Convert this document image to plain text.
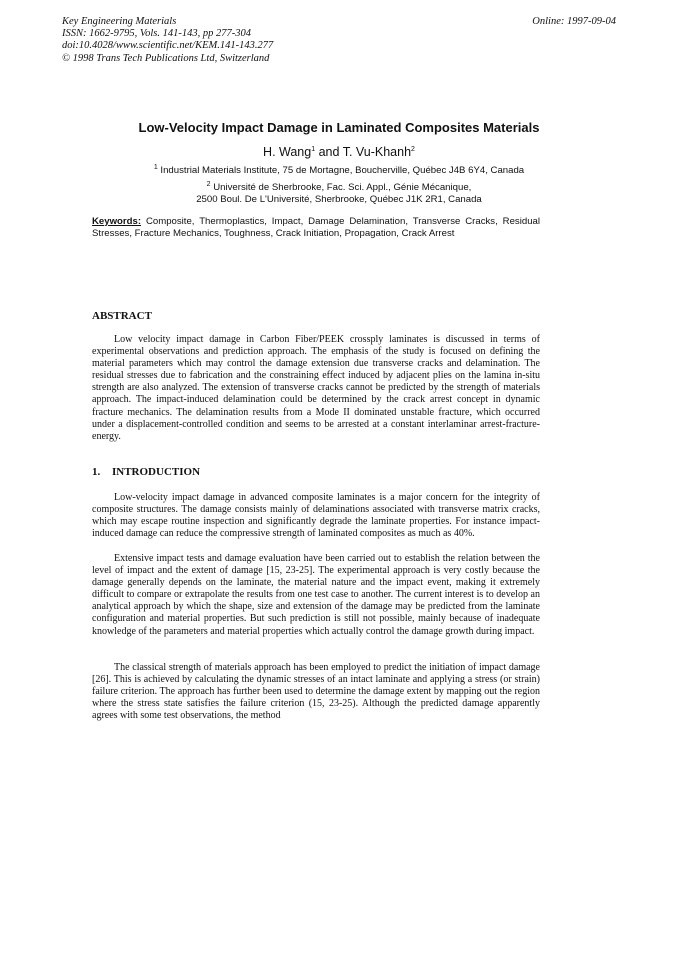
Key Engineering Materials
ISSN: 1662-9795, Vols. 141-143, pp 277-304
doi:10.4028/www.scientific.net/KEM.141-143.277
© 1998 Trans Tech Publications Ltd, Switzerland
Online: 1997-09-04
Low-Velocity Impact Damage in Laminated Composites Materials
H. Wang$^1$ and T. Vu-Khanh$^2$
$^1$ Industrial Materials Institute, 75 de Mortagne, Boucherville, Québec J4B 6Y4, Canada
$^2$ Université de Sherbrooke, Fac. Sci. Appl., Génie Mécanique,
2500 Boul. De L'Université, Sherbrooke, Québec J1K 2R1, Canada
Keywords: Composite, Thermoplastics, Impact, Damage Delamination, Transverse Cracks, Residual Stresses, Fracture Mechanics, Toughness, Crack Initiation, Propagation, Crack Arrest
ABSTRACT

Low velocity impact damage in Carbon Fiber/PEEK crossply laminates is discussed in terms of experimental observations and prediction approach. The emphasis of the study is focused on defining the material parameters which may control the damage extension due transverse cracks and delamination. The residual stresses due to fabrication and the constraining effect induced by adjacent plies on the lamina in-situ strength are also analyzed. The extension of transverse cracks cannot be predicted by the strength of materials approach. The impact-induced delamination could be determined by the crack arrest concept in dynamic fracture mechanics. The delamination results from a Mode II dominated unstable fracture, which occurred under a displacement-controlled condition and seems to be arrested at a constant interlaminar arrest-fracture-energy.

1. INTRODUCTION

Low-velocity impact damage in advanced composite laminates is a major concern for the integrity of composite structures. The damage consists mainly of delaminations associated with transverse matrix cracks, which may escape routine inspection and significantly degrade the laminate properties. For instance impact-induced damage can reduce the compressive strength of laminated composites as much as 40%.

Extensive impact tests and damage evaluation have been carried out to establish the relation between the level of impact and the extent of damage [15, 23-25]. The experimental approach is very costly because the damage generally depends on the laminate, the material nature and the impact event, making it extremely difficult to compare or extrapolate the results from one test case to another. The current interest is to develop an analytical approach by which the shape, size and extension of the damage may be predicted from the laminate configuration and material properties. But such prediction is still not possible, mainly because of inadequate knowledge of the parameters and material properties which actually control the damage growth during impact.

The classical strength of materials approach has been employed to predict the initiation of impact damage [26]. This is achieved by calculating the dynamic stresses of an intact laminate and applying a stress (or strain) failure criterion. The approach has further been used to determine the damage extent by mapping out the region where the stress state satisfies the failure criterion (15, 23-25). Although the predicted damage apparently agrees with some test observations, the method
